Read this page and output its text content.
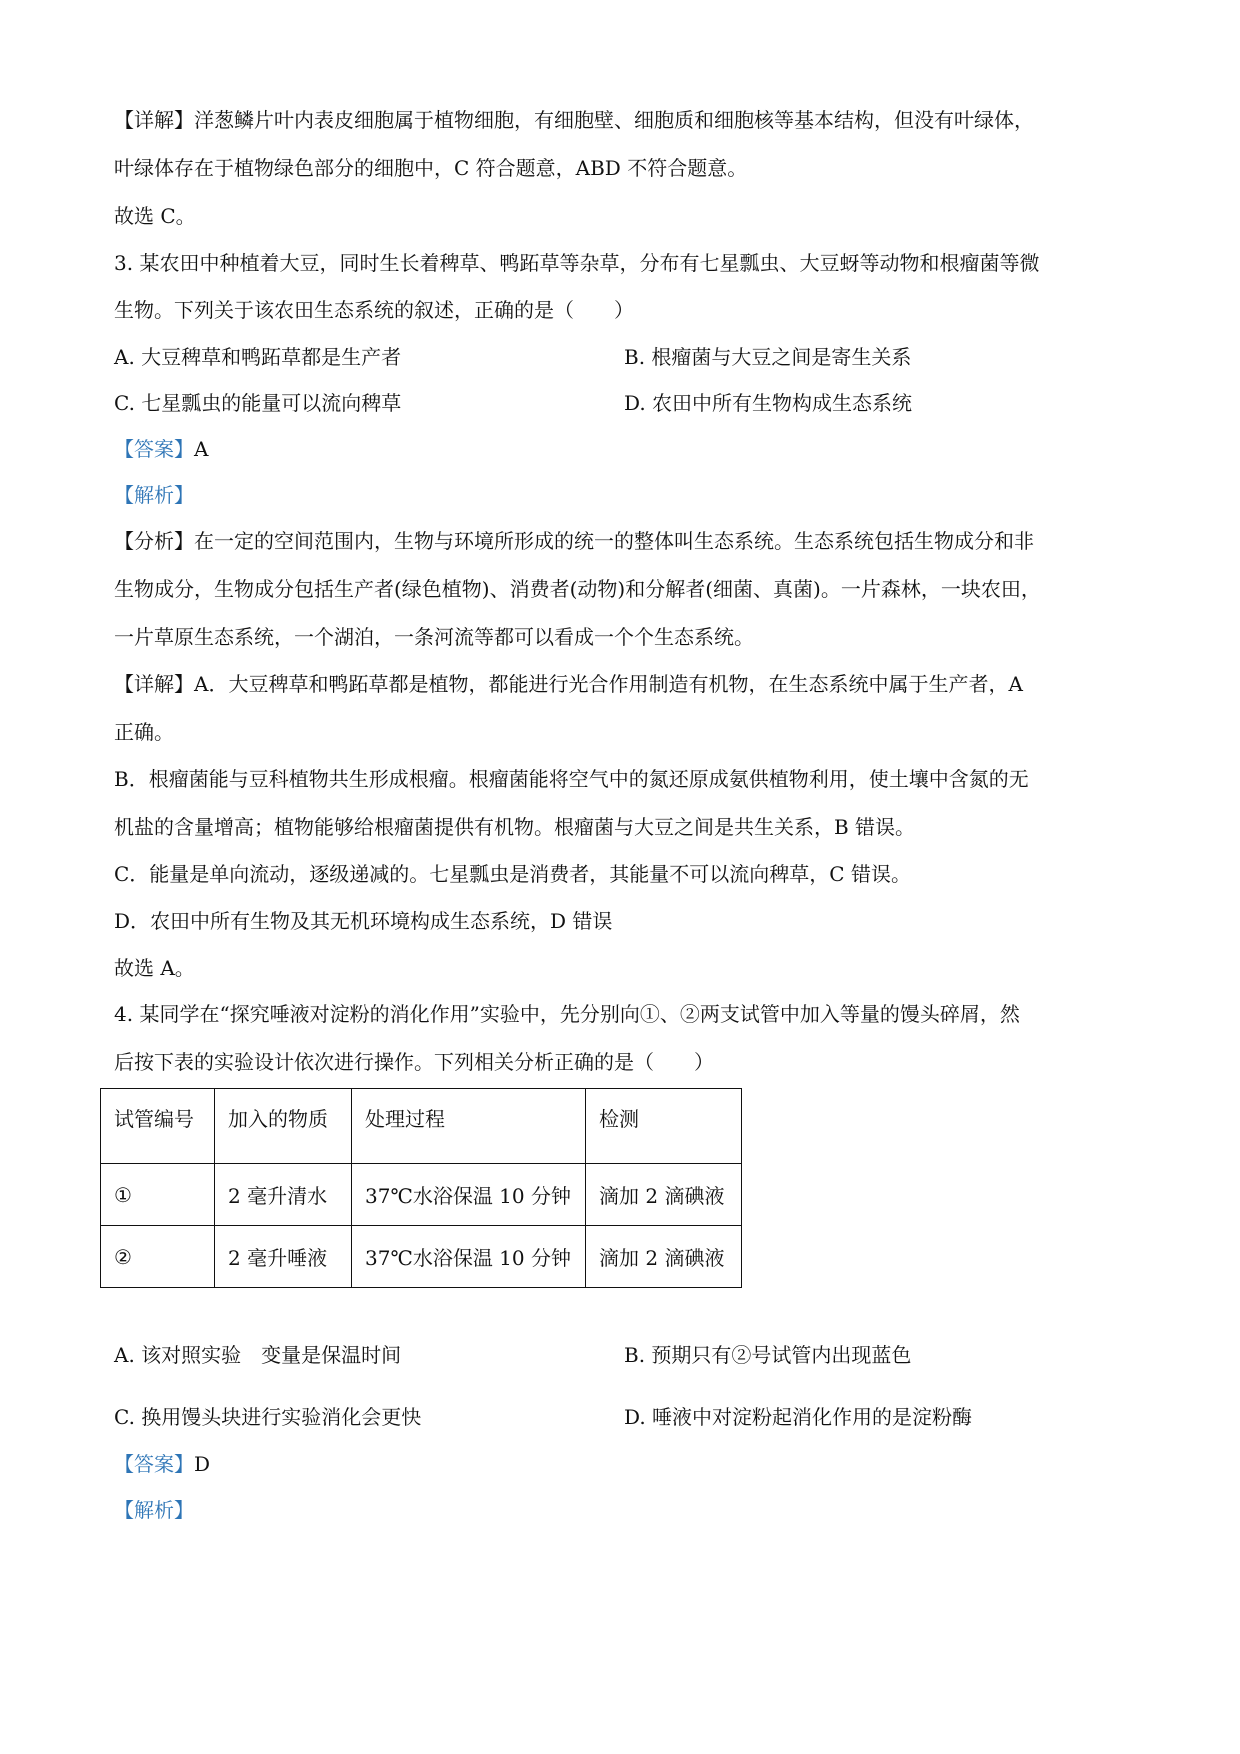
【详解】洋葱鳞片叶内表皮细胞属于植物细胞，有细胞壁、细胞质和细胞核等基本结构，但没有叶绿体，
叶绿体存在于植物绿色部分的细胞中，C 符合题意，ABD 不符合题意。
故选 C。
3. 某农田中种植着大豆，同时生长着稗草、鸭跖草等杂草，分布有七星瓢虫、大豆蚜等动物和根瘤菌等微
生物。下列关于该农田生态系统的叙述，正确的是（　　）
A. 大豆稗草和鸭跖草都是生产者	B. 根瘤菌与大豆之间是寄生关系
C. 七星瓢虫的能量可以流向稗草	D. 农田中所有生物构成生态系统
【答案】A
【解析】
【分析】在一定的空间范围内，生物与环境所形成的统一的整体叫生态系统。生态系统包括生物成分和非
生物成分，生物成分包括生产者(绿色植物)、消费者(动物)和分解者(细菌、真菌)。一片森林，一块农田，
一片草原生态系统，一个湖泊，一条河流等都可以看成一个个生态系统。
【详解】A．大豆稗草和鸭跖草都是植物，都能进行光合作用制造有机物，在生态系统中属于生产者，A
正确。
B．根瘤菌能与豆科植物共生形成根瘤。根瘤菌能将空气中的氮还原成氨供植物利用，使土壤中含氮的无
机盐的含量增高；植物能够给根瘤菌提供有机物。根瘤菌与大豆之间是共生关系，B 错误。
C．能量是单向流动，逐级递减的。七星瓢虫是消费者，其能量不可以流向稗草，C 错误。
D．农田中所有生物及其无机环境构成生态系统，D 错误
故选 A。
4. 某同学在“探究唾液对淀粉的消化作用”实验中，先分别向①、②两支试管中加入等量的馒头碎屑，然
后按下表的实验设计依次进行操作。下列相关分析正确的是（　　）
试管编号	加入的物质	处理过程	检测
①	2 毫升清水	37℃水浴保温 10 分钟	滴加 2 滴碘液
②	2 毫升唾液	37℃水浴保温 10 分钟	滴加 2 滴碘液
A. 该对照实验　变量是保温时间	B. 预期只有②号试管内出现蓝色
C. 换用馒头块进行实验消化会更快	D. 唾液中对淀粉起消化作用的是淀粉酶
【答案】D
【解析】
